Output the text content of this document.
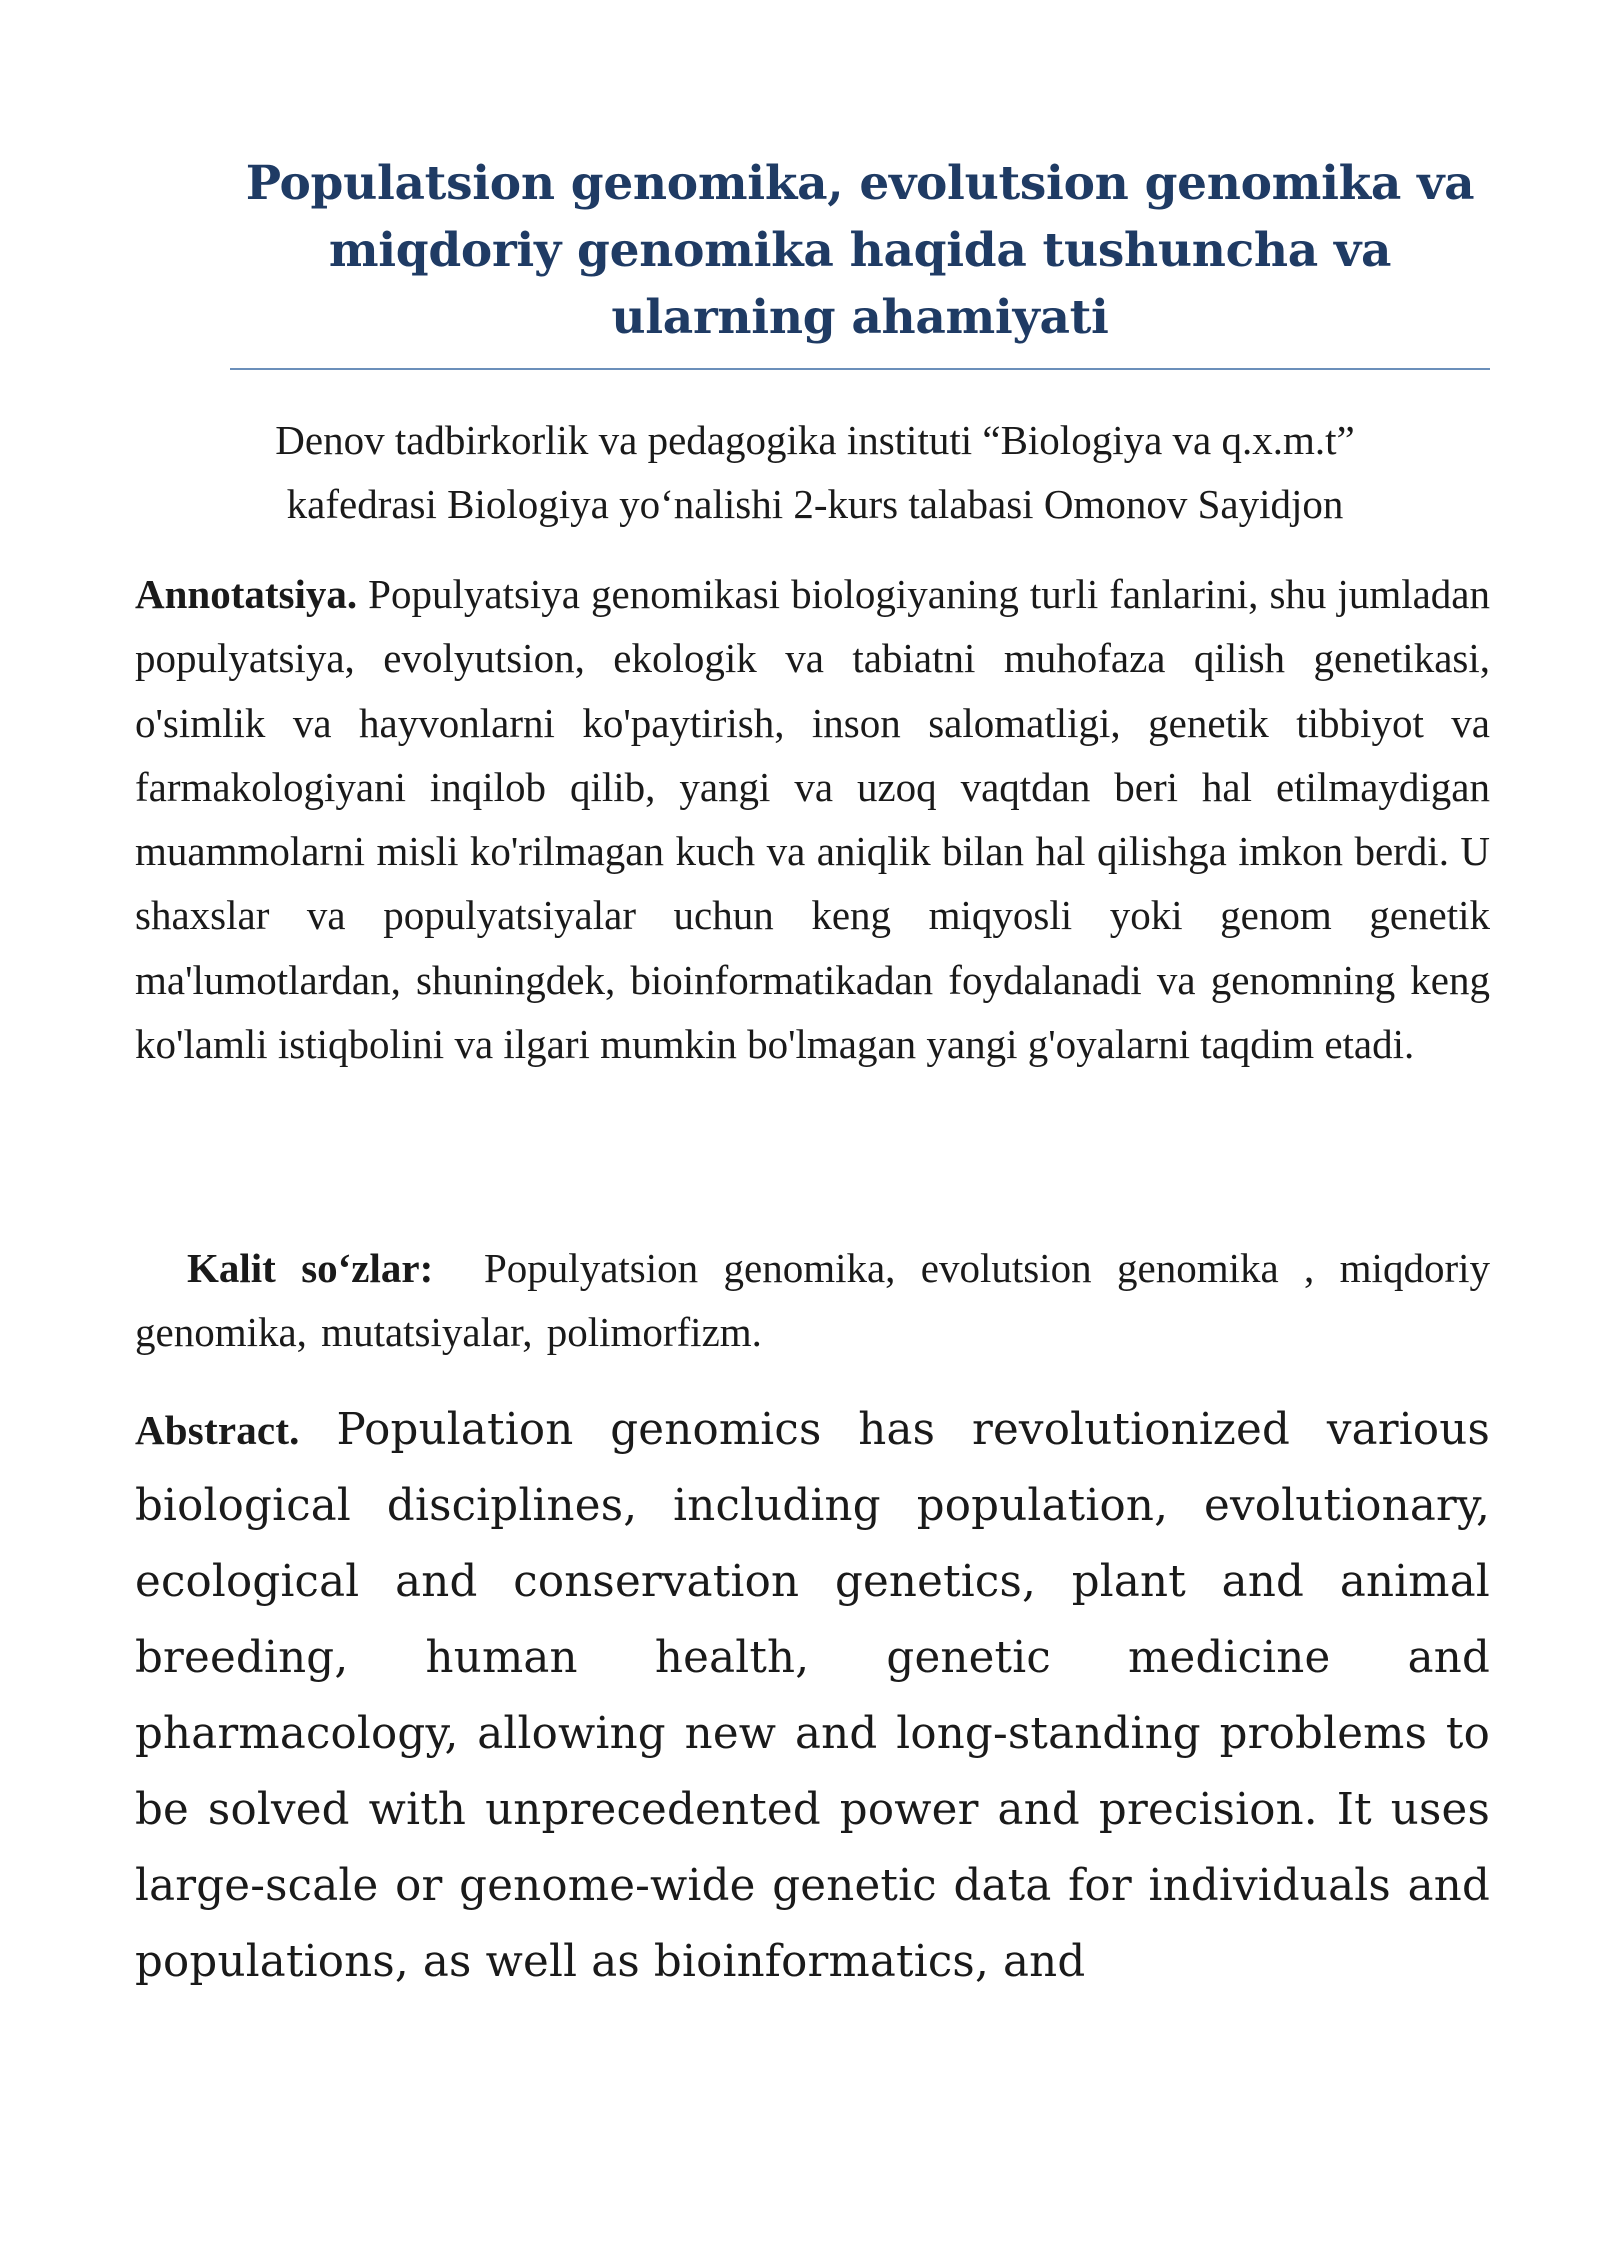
Populatsion genomika, evolutsion genomika va miqdoriy genomika haqida tushuncha va ularning ahamiyati
Denov tadbirkorlik va pedagogika instituti “Biologiya va q.x.m.t”
kafedrasi Biologiya yo‘nalishi 2-kurs talabasi Omonov Sayidjon

Annotatsiya. Populyatsiya genomikasi biologiyaning turli fanlarini, shu jumladan populyatsiya, evolyutsion, ekologik va tabiatni muhofaza qilish genetikasi, o'simlik va hayvonlarni ko'paytirish, inson salomatligi, genetik tibbiyot va farmakologiyani inqilob qilib, yangi va uzoq vaqtdan beri hal etilmaydigan muammolarni misli ko'rilmagan kuch va aniqlik bilan hal qilishga imkon berdi. U shaxslar va populyatsiyalar uchun keng miqyosli yoki genom genetik ma'lumotlardan, shuningdek, bioinformatikadan foydalanadi va genomning keng ko'lamli istiqbolini va ilgari mumkin bo'lmagan yangi g'oyalarni taqdim etadi.

Kalit so‘zlar: Populyatsion genomika, evolutsion genomika , miqdoriy genomika, mutatsiyalar, polimorfizm.

Abstract. Population genomics has revolutionized various biological disciplines, including population, evolutionary, ecological and conservation genetics, plant and animal breeding, human health, genetic medicine and pharmacology, allowing new and long-standing problems to be solved with unprecedented power and precision. It uses large-scale or genome-wide genetic data for individuals and populations, as well as bioinformatics, and
